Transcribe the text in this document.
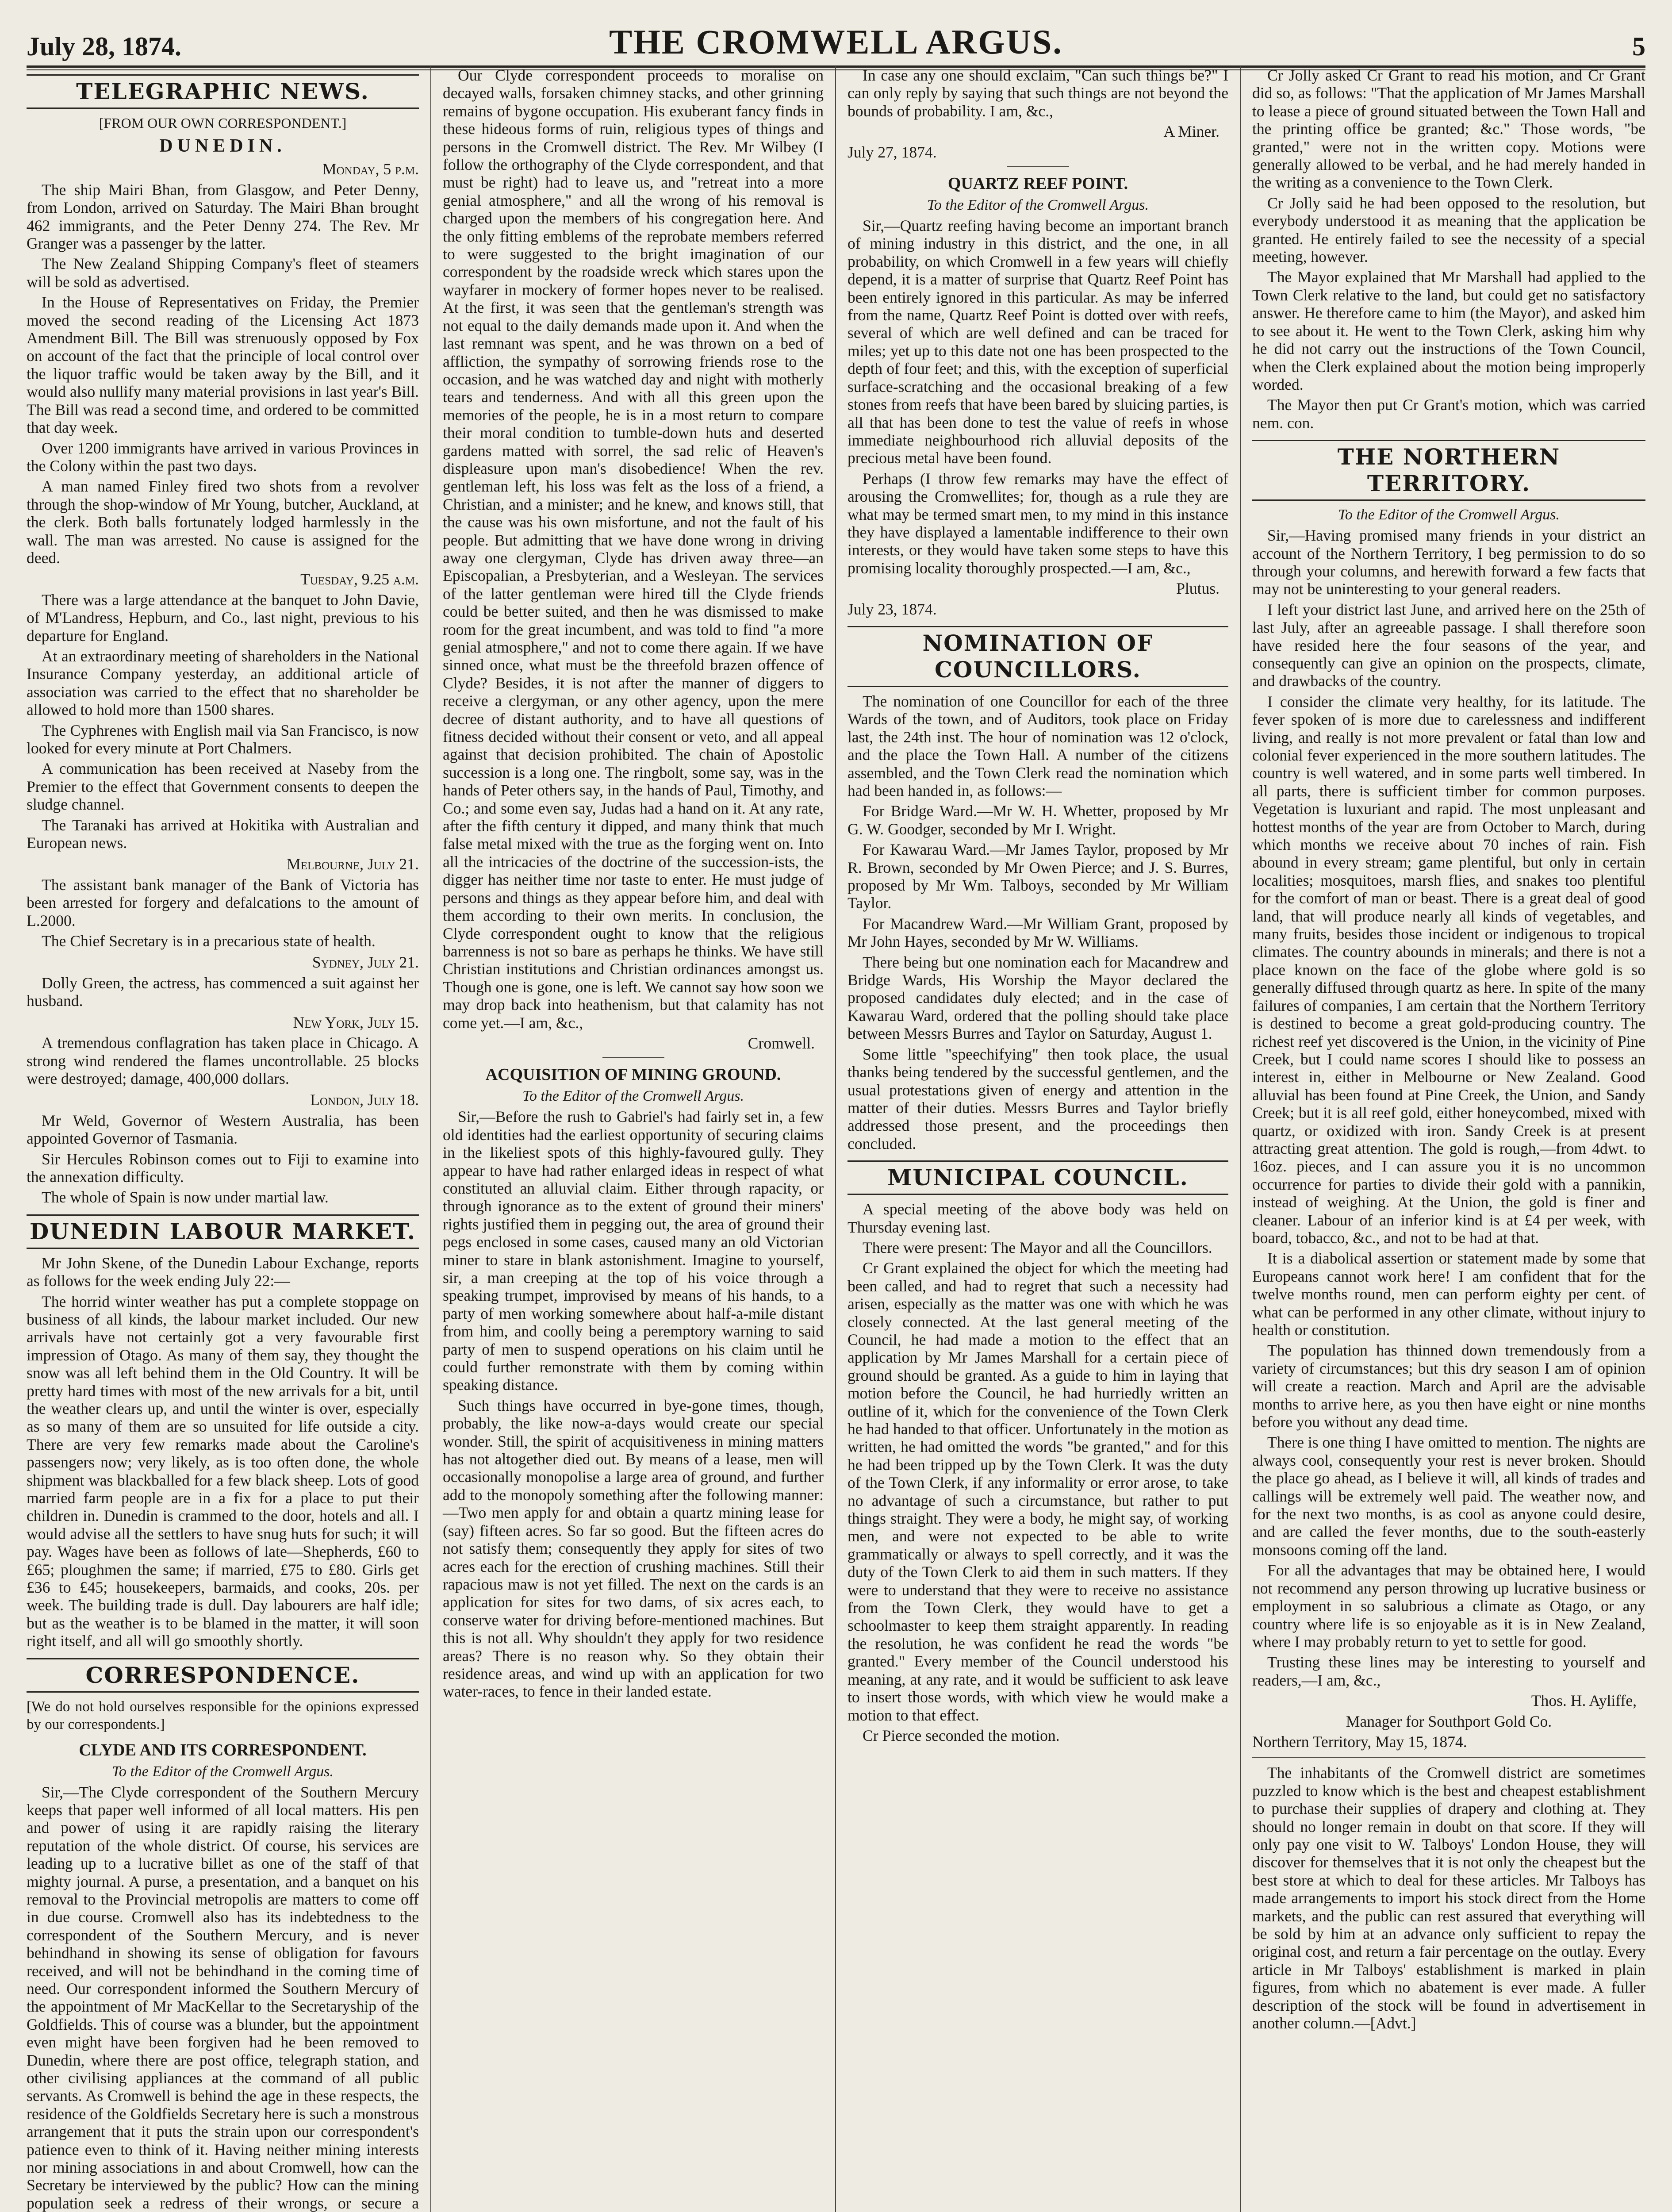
July 28, 1874.	THE CROMWELL ARGUS.	5
TELEGRAPHIC NEWS.

[FROM OUR OWN CORRESPONDENT.]

DUNEDIN.

Monday, 5 p.m.

The ship Mairi Bhan, from Glasgow, and Peter Denny, from London, arrived on Saturday. The Mairi Bhan brought 462 immigrants, and the Peter Denny 274. The Rev. Mr Granger was a passenger by the latter.

The New Zealand Shipping Company's fleet of steamers will be sold as advertised.

In the House of Representatives on Friday, the Premier moved the second reading of the Licensing Act 1873 Amendment Bill. The Bill was strenuously opposed by Fox on account of the fact that the principle of local control over the liquor traffic would be taken away by the Bill, and it would also nullify many material provisions in last year's Bill. The Bill was read a second time, and ordered to be committed that day week.

Over 1200 immigrants have arrived in various Provinces in the Colony within the past two days.

A man named Finley fired two shots from a revolver through the shop-window of Mr Young, butcher, Auckland, at the clerk. Both balls fortunately lodged harmlessly in the wall. The man was arrested. No cause is assigned for the deed.

Tuesday, 9.25 a.m.

There was a large attendance at the banquet to John Davie, of M'Landress, Hepburn, and Co., last night, previous to his departure for England.

At an extraordinary meeting of shareholders in the National Insurance Company yesterday, an additional article of association was carried to the effect that no shareholder be allowed to hold more than 1500 shares.

The Cyphrenes with English mail via San Francisco, is now looked for every minute at Port Chalmers.

A communication has been received at Naseby from the Premier to the effect that Government consents to deepen the sludge channel.

The Taranaki has arrived at Hokitika with Australian and European news.

Melbourne, July 21.

The assistant bank manager of the Bank of Victoria has been arrested for forgery and defalcations to the amount of L.2000.

The Chief Secretary is in a precarious state of health.

Sydney, July 21.

Dolly Green, the actress, has commenced a suit against her husband.

New York, July 15.

A tremendous conflagration has taken place in Chicago. A strong wind rendered the flames uncontrollable. 25 blocks were destroyed; damage, 400,000 dollars.

London, July 18.

Mr Weld, Governor of Western Australia, has been appointed Governor of Tasmania.

Sir Hercules Robinson comes out to Fiji to examine into the annexation difficulty.

The whole of Spain is now under martial law.

DUNEDIN LABOUR MARKET.

Mr John Skene, of the Dunedin Labour Exchange, reports as follows for the week ending July 22:—

The horrid winter weather has put a complete stoppage on business of all kinds, the labour market included. Our new arrivals have not certainly got a very favourable first impression of Otago. As many of them say, they thought the snow was all left behind them in the Old Country. It will be pretty hard times with most of the new arrivals for a bit, until the weather clears up, and until the winter is over, especially as so many of them are so unsuited for life outside a city. There are very few remarks made about the Caroline's passengers now; very likely, as is too often done, the whole shipment was blackballed for a few black sheep. Lots of good married farm people are in a fix for a place to put their children in. Dunedin is crammed to the door, hotels and all. I would advise all the settlers to have snug huts for such; it will pay. Wages have been as follows of late—Shepherds, £60 to £65; ploughmen the same; if married, £75 to £80. Girls get £36 to £45; housekeepers, barmaids, and cooks, 20s. per week. The building trade is dull. Day labourers are half idle; but as the weather is to be blamed in the matter, it will soon right itself, and all will go smoothly shortly.

CORRESPONDENCE.

[We do not hold ourselves responsible for the opinions expressed by our correspondents.]

CLYDE AND ITS CORRESPONDENT.
To the Editor of the Cromwell Argus.

Sir,—The Clyde correspondent of the Southern Mercury keeps that paper well informed of all local matters. His pen and power of using it are rapidly raising the literary reputation of the whole district. Of course, his services are leading up to a lucrative billet as one of the staff of that mighty journal. A purse, a presentation, and a banquet on his removal to the Provincial metropolis are matters to come off in due course. Cromwell also has its indebtedness to the correspondent of the Southern Mercury, and is never behindhand in showing its sense of obligation for favours received, and will not be behindhand in the coming time of need. Our correspondent informed the Southern Mercury of the appointment of Mr MacKellar to the Secretaryship of the Goldfields. This of course was a blunder, but the appointment even might have been forgiven had he been removed to Dunedin, where there are post office, telegraph station, and other civilising appliances at the command of all public servants. As Cromwell is behind the age in these respects, the residence of the Goldfields Secretary here is such a monstrous arrangement that it puts the strain upon our correspondent's patience even to think of it. Having neither mining interests nor mining associations in and about Cromwell, how can the Secretary be interviewed by the public? How can the mining population seek a redress of their wrongs, or secure a

Our Clyde correspondent proceeds to moralise on decayed walls, forsaken chimney stacks, and other grinning remains of bygone occupation. His exuberant fancy finds in these hideous forms of ruin, religious types of things and persons in the Cromwell district. The Rev. Mr Wilbey (I follow the orthography of the Clyde correspondent, and that must be right) had to leave us, and "retreat into a more genial atmosphere," and all the wrong of his removal is charged upon the members of his congregation here. And the only fitting emblems of the reprobate members referred to were suggested to the bright imagination of our correspondent by the roadside wreck which stares upon the wayfarer in mockery of former hopes never to be realised. At the first, it was seen that the gentleman's strength was not equal to the daily demands made upon it. And when the last remnant was spent, and he was thrown on a bed of affliction, the sympathy of sorrowing friends rose to the occasion, and he was watched day and night with motherly tears and tenderness. And with all this green upon the memories of the people, he is in a most return to compare their moral condition to tumble-down huts and deserted gardens matted with sorrel, the sad relic of Heaven's displeasure upon man's disobedience! When the rev. gentleman left, his loss was felt as the loss of a friend, a Christian, and a minister; and he knew, and knows still, that the cause was his own misfortune, and not the fault of his people. But admitting that we have done wrong in driving away one clergyman, Clyde has driven away three—an Episcopalian, a Presbyterian, and a Wesleyan. The services of the latter gentleman were hired till the Clyde friends could be better suited, and then he was dismissed to make room for the great incumbent, and was told to find "a more genial atmosphere," and not to come there again. If we have sinned once, what must be the threefold brazen offence of Clyde? Besides, it is not after the manner of diggers to receive a clergyman, or any other agency, upon the mere decree of distant authority, and to have all questions of fitness decided without their consent or veto, and all appeal against that decision prohibited. The chain of Apostolic succession is a long one. The ringbolt, some say, was in the hands of Peter others say, in the hands of Paul, Timothy, and Co.; and some even say, Judas had a hand on it. At any rate, after the fifth century it dipped, and many think that much false metal mixed with the true as the forging went on. Into all the intricacies of the doctrine of the succession-ists, the digger has neither time nor taste to enter. He must judge of persons and things as they appear before him, and deal with them according to their own merits. In conclusion, the Clyde correspondent ought to know that the religious barrenness is not so bare as perhaps he thinks. We have still Christian institutions and Christian ordinances amongst us. Though one is gone, one is left. We cannot say how soon we may drop back into heathenism, but that calamity has not come yet.—I am, &c.,

Cromwell.

ACQUISITION OF MINING GROUND.
To the Editor of the Cromwell Argus.

Sir,—Before the rush to Gabriel's had fairly set in, a few old identities had the earliest opportunity of securing claims in the likeliest spots of this highly-favoured gully. They appear to have had rather enlarged ideas in respect of what constituted an alluvial claim. Either through rapacity, or through ignorance as to the extent of ground their miners' rights justified them in pegging out, the area of ground their pegs enclosed in some cases, caused many an old Victorian miner to stare in blank astonishment. Imagine to yourself, sir, a man creeping at the top of his voice through a speaking trumpet, improvised by means of his hands, to a party of men working somewhere about half-a-mile distant from him, and coolly being a peremptory warning to said party of men to suspend operations on his claim until he could further remonstrate with them by coming within speaking distance.

Such things have occurred in bye-gone times, though, probably, the like now-a-days would create our special wonder. Still, the spirit of acquisitiveness in mining matters has not altogether died out. By means of a lease, men will occasionally monopolise a large area of ground, and further add to the monopoly something after the following manner:—Two men apply for and obtain a quartz mining lease for (say) fifteen acres. So far so good. But the fifteen acres do not satisfy them; consequently they apply for sites of two acres each for the erection of crushing machines. Still their rapacious maw is not yet filled. The next on the cards is an application for sites for two dams, of six acres each, to conserve water for driving before-mentioned machines. But this is not all. Why shouldn't they apply for two residence areas? There is no reason why. So they obtain their residence areas, and wind up with an application for two water-races, to fence in their landed estate.

In case any one should exclaim, "Can such things be?" I can only reply by saying that such things are not beyond the bounds of probability. I am, &c.,

A Miner.

July 27, 1874.

QUARTZ REEF POINT.
To the Editor of the Cromwell Argus.

Sir,—Quartz reefing having become an important branch of mining industry in this district, and the one, in all probability, on which Cromwell in a few years will chiefly depend, it is a matter of surprise that Quartz Reef Point has been entirely ignored in this particular. As may be inferred from the name, Quartz Reef Point is dotted over with reefs, several of which are well defined and can be traced for miles; yet up to this date not one has been prospected to the depth of four feet; and this, with the exception of superficial surface-scratching and the occasional breaking of a few stones from reefs that have been bared by sluicing parties, is all that has been done to test the value of reefs in whose immediate neighbourhood rich alluvial deposits of the precious metal have been found.

Perhaps (I throw few remarks may have the effect of arousing the Cromwellites; for, though as a rule they are what may be termed smart men, to my mind in this instance they have displayed a lamentable indifference to their own interests, or they would have taken some steps to have this promising locality thoroughly prospected.—I am, &c.,

Plutus.

July 23, 1874.

NOMINATION OF COUNCILLORS.

The nomination of one Councillor for each of the three Wards of the town, and of Auditors, took place on Friday last, the 24th inst. The hour of nomination was 12 o'clock, and the place the Town Hall. A number of the citizens assembled, and the Town Clerk read the nomination which had been handed in, as follows:—

For Bridge Ward.—Mr W. H. Whetter, proposed by Mr G. W. Goodger, seconded by Mr I. Wright.

For Kawarau Ward.—Mr James Taylor, proposed by Mr R. Brown, seconded by Mr Owen Pierce; and J. S. Burres, proposed by Mr Wm. Talboys, seconded by Mr William Taylor.

For Macandrew Ward.—Mr William Grant, proposed by Mr John Hayes, seconded by Mr W. Williams.

There being but one nomination each for Macandrew and Bridge Wards, His Worship the Mayor declared the proposed candidates duly elected; and in the case of Kawarau Ward, ordered that the polling should take place between Messrs Burres and Taylor on Saturday, August 1.

Some little "speechifying" then took place, the usual thanks being tendered by the successful gentlemen, and the usual protestations given of energy and attention in the matter of their duties. Messrs Burres and Taylor briefly addressed those present, and the proceedings then concluded.

MUNICIPAL COUNCIL.

A special meeting of the above body was held on Thursday evening last.

There were present: The Mayor and all the Councillors.

Cr Grant explained the object for which the meeting had been called, and had to regret that such a necessity had arisen, especially as the matter was one with which he was closely connected. At the last general meeting of the Council, he had made a motion to the effect that an application by Mr James Marshall for a certain piece of ground should be granted. As a guide to him in laying that motion before the Council, he had hurriedly written an outline of it, which for the convenience of the Town Clerk he had handed to that officer. Unfortunately in the motion as written, he had omitted the words "be granted," and for this he had been tripped up by the Town Clerk. It was the duty of the Town Clerk, if any informality or error arose, to take no advantage of such a circumstance, but rather to put things straight. They were a body, he might say, of working men, and were not expected to be able to write grammatically or always to spell correctly, and it was the duty of the Town Clerk to aid them in such matters. If they were to understand that they were to receive no assistance from the Town Clerk, they would have to get a schoolmaster to keep them straight apparently. In reading the resolution, he was confident he read the words "be granted." Every member of the Council understood his meaning, at any rate, and it would be sufficient to ask leave to insert those words, with which view he would make a motion to that effect.

Cr Pierce seconded the motion.

Cr Jolly asked Cr Grant to read his motion, and Cr Grant did so, as follows: "That the application of Mr James Marshall to lease a piece of ground situated between the Town Hall and the printing office be granted; &c." Those words, "be granted," were not in the written copy. Motions were generally allowed to be verbal, and he had merely handed in the writing as a convenience to the Town Clerk.

Cr Jolly said he had been opposed to the resolution, but everybody understood it as meaning that the application be granted. He entirely failed to see the necessity of a special meeting, however.

The Mayor explained that Mr Marshall had applied to the Town Clerk relative to the land, but could get no satisfactory answer. He therefore came to him (the Mayor), and asked him to see about it. He went to the Town Clerk, asking him why he did not carry out the instructions of the Town Council, when the Clerk explained about the motion being improperly worded.

The Mayor then put Cr Grant's motion, which was carried nem. con.

THE NORTHERN TERRITORY.
To the Editor of the Cromwell Argus.

Sir,—Having promised many friends in your district an account of the Northern Territory, I beg permission to do so through your columns, and herewith forward a few facts that may not be uninteresting to your general readers.

I left your district last June, and arrived here on the 25th of last July, after an agreeable passage. I shall therefore soon have resided here the four seasons of the year, and consequently can give an opinion on the prospects, climate, and drawbacks of the country.

I consider the climate very healthy, for its latitude. The fever spoken of is more due to carelessness and indifferent living, and really is not more prevalent or fatal than low and colonial fever experienced in the more southern latitudes. The country is well watered, and in some parts well timbered. In all parts, there is sufficient timber for common purposes. Vegetation is luxuriant and rapid. The most unpleasant and hottest months of the year are from October to March, during which months we receive about 70 inches of rain. Fish abound in every stream; game plentiful, but only in certain localities; mosquitoes, marsh flies, and snakes too plentiful for the comfort of man or beast. There is a great deal of good land, that will produce nearly all kinds of vegetables, and many fruits, besides those incident or indigenous to tropical climates. The country abounds in minerals; and there is not a place known on the face of the globe where gold is so generally diffused through quartz as here. In spite of the many failures of companies, I am certain that the Northern Territory is destined to become a great gold-producing country. The richest reef yet discovered is the Union, in the vicinity of Pine Creek, but I could name scores I should like to possess an interest in, either in Melbourne or New Zealand. Good alluvial has been found at Pine Creek, the Union, and Sandy Creek; but it is all reef gold, either honeycombed, mixed with quartz, or oxidized with iron. Sandy Creek is at present attracting great attention. The gold is rough,—from 4dwt. to 16oz. pieces, and I can assure you it is no uncommon occurrence for parties to divide their gold with a pannikin, instead of weighing. At the Union, the gold is finer and cleaner. Labour of an inferior kind is at £4 per week, with board, tobacco, &c., and not to be had at that.

It is a diabolical assertion or statement made by some that Europeans cannot work here! I am confident that for the twelve months round, men can perform eighty per cent. of what can be performed in any other climate, without injury to health or constitution.

The population has thinned down tremendously from a variety of circumstances; but this dry season I am of opinion will create a reaction. March and April are the advisable months to arrive here, as you then have eight or nine months before you without any dead time.

There is one thing I have omitted to mention. The nights are always cool, consequently your rest is never broken. Should the place go ahead, as I believe it will, all kinds of trades and callings will be extremely well paid. The weather now, and for the next two months, is as cool as anyone could desire, and are called the fever months, due to the south-easterly monsoons coming off the land.

For all the advantages that may be obtained here, I would not recommend any person throwing up lucrative business or employment in so salubrious a climate as Otago, or any country where life is so enjoyable as it is in New Zealand, where I may probably return to yet to settle for good.

Trusting these lines may be interesting to yourself and readers,—I am, &c.,

Thos. H. Ayliffe,

Manager for Southport Gold Co.

Northern Territory, May 15, 1874.

The inhabitants of the Cromwell district are sometimes puzzled to know which is the best and cheapest establishment to purchase their supplies of drapery and clothing at. They should no longer remain in doubt on that score. If they will only pay one visit to W. Talboys' London House, they will discover for themselves that it is not only the cheapest but the best store at which to deal for these articles. Mr Talboys has made arrangements to import his stock direct from the Home markets, and the public can rest assured that everything will be sold by him at an advance only sufficient to repay the original cost, and return a fair percentage on the outlay. Every article in Mr Talboys' establishment is marked in plain figures, from which no abatement is ever made. A fuller description of the stock will be found in advertisement in another column.—[Advt.]
